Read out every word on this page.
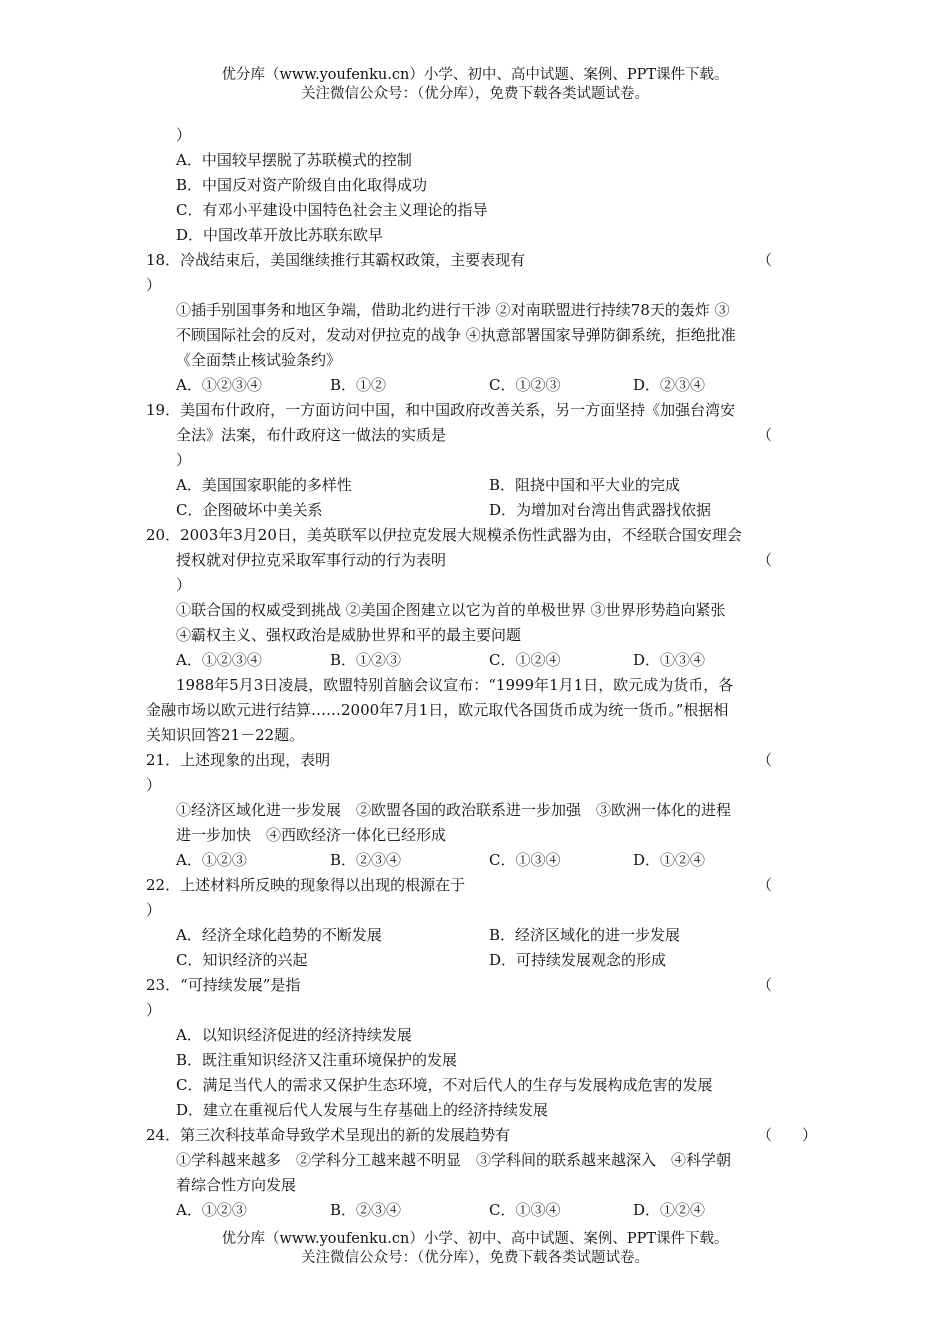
优分库（www.youfenku.cn）小学、初中、高中试题、案例、PPT课件下载。
关注微信公众号：（优分库），免费下载各类试题试卷。
）
A．中国较早摆脱了苏联模式的控制
B．中国反对资产阶级自由化取得成功
C．有邓小平建设中国特色社会主义理论的指导
D．中国改革开放比苏联东欧早
18．冷战结束后，美国继续推行其霸权政策，主要表现有	（
）
①插手别国事务和地区争端，借助北约进行干涉 ②对南联盟进行持续78天的轰炸 ③
不顾国际社会的反对，发动对伊拉克的战争 ④执意部署国家导弹防御系统，拒绝批准
《全面禁止核试验条约》
A．①②③④	B．①②	C．①②③	D．②③④
19．美国布什政府，一方面访问中国，和中国政府改善关系，另一方面坚持《加强台湾安
全法》法案，布什政府这一做法的实质是	（
）
A．美国国家职能的多样性	B．阻挠中国和平大业的完成
C．企图破坏中美关系	D．为增加对台湾出售武器找依据
20．2003年3月20日，美英联军以伊拉克发展大规模杀伤性武器为由，不经联合国安理会
授权就对伊拉克采取军事行动的行为表明	（
）
①联合国的权威受到挑战 ②美国企图建立以它为首的单极世界 ③世界形势趋向紧张
④霸权主义、强权政治是威胁世界和平的最主要问题
A．①②③④	B．①②③	C．①②④	D．①③④
1988年5月3日凌晨，欧盟特别首脑会议宣布：“1999年1月1日，欧元成为货币，各
金融市场以欧元进行结算……2000年7月1日，欧元取代各国货币成为统一货币。”根据相
关知识回答21－22题。
21．上述现象的出现，表明	（
）
①经济区域化进一步发展　②欧盟各国的政治联系进一步加强　③欧洲一体化的进程
进一步加快　④西欧经济一体化已经形成
A．①②③	B．②③④	C．①③④	D．①②④
22．上述材料所反映的现象得以出现的根源在于	（
）
A．经济全球化趋势的不断发展	B．经济区域化的进一步发展
C．知识经济的兴起	D．可持续发展观念的形成
23．“可持续发展”是指	（
）
A．以知识经济促进的经济持续发展
B．既注重知识经济又注重环境保护的发展
C．满足当代人的需求又保护生态环境，不对后代人的生存与发展构成危害的发展
D．建立在重视后代人发展与生存基础上的经济持续发展
24．第三次科技革命导致学术呈现出的新的发展趋势有	（　　）
①学科越来越多　②学科分工越来越不明显　③学科间的联系越来越深入　④科学朝
着综合性方向发展
A．①②③	B．②③④	C．①③④	D．①②④
优分库（www.youfenku.cn）小学、初中、高中试题、案例、PPT课件下载。
关注微信公众号：（优分库），免费下载各类试题试卷。
